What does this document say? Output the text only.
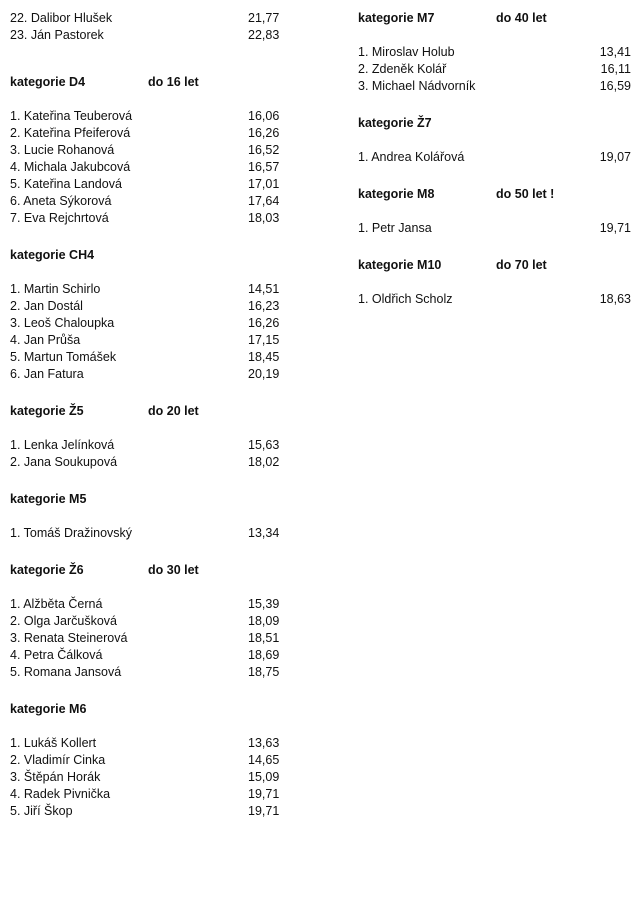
22. Dalibor Hlušek	21,77
23. Ján Pastorek	22,83
kategorie D4	do 16 let
1. Kateřina Teuberová	16,06
2. Kateřina Pfeiferová	16,26
3. Lucie Rohanová	16,52
4. Michala Jakubcová	16,57
5. Kateřina Landová	17,01
6. Aneta Sýkorová	17,64
7. Eva Rejchrtová	18,03
kategorie CH4
1. Martin Schirlo	14,51
2. Jan Dostál	16,23
3. Leoš Chaloupka	16,26
4. Jan Průša	17,15
5. Martun Tomášek	18,45
6. Jan Fatura	20,19
kategorie Ž5	do 20 let
1. Lenka Jelínková	15,63
2. Jana Soukupová	18,02
kategorie M5
1. Tomáš Dražinovský	13,34
kategorie Ž6	do 30 let
1. Alžběta Černá	15,39
2. Olga Jarčušková	18,09
3. Renata Steinerová	18,51
4. Petra Čálková	18,69
5. Romana Jansová	18,75
kategorie M6
1. Lukáš Kollert	13,63
2. Vladimír Cinka	14,65
3. Štěpán Horák	15,09
4. Radek Pivnička	19,71
5. Jiří Škop	19,71
kategorie M7	do 40 let
1. Miroslav Holub	13,41
2. Zdeněk Kolář	16,11
3. Michael Nádvorník	16,59
kategorie Ž7
1. Andrea Kolářová	19,07
kategorie M8	do 50 let !
1. Petr Jansa	19,71
kategorie M10	do 70 let
1. Oldřich Scholz	18,63
